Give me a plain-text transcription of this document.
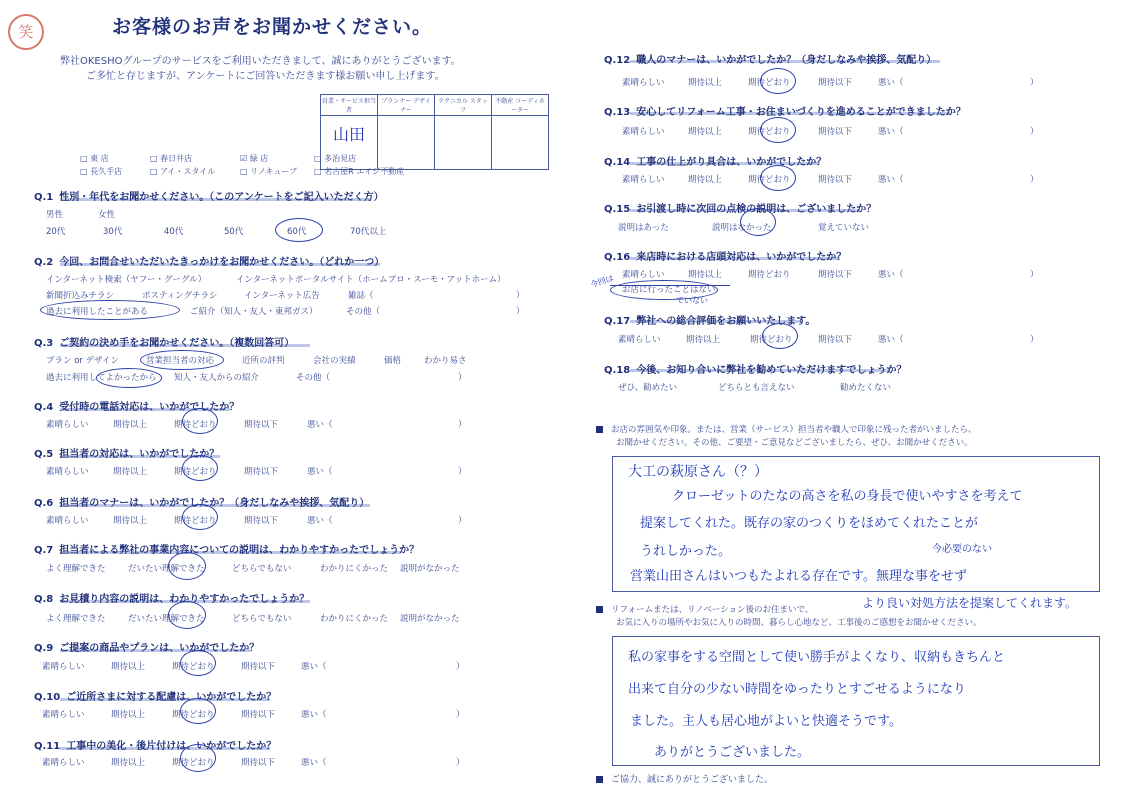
笑	お客様のお声をお聞かせください。
弊社OKESHOグループのサービスをご利用いただきまして、誠にありがとうございます。
ご多忙と存じますが、アンケートにご回答いただきます様お願い申し上げます。
営業・サービス担当者	プランナー デザイナー	テクニカル スタッフ	不動産 コーディネーター
山田			
□ 東 店	□ 春日井店	☑ 緑 店	□ 多治見店
□ 長久手店	□ アイ・スタイル	□ リノキューブ □ 名古屋R エイジ不動産
Q.1 性別・年代をお聞かせください。（このアンケートをご記入いただく方）
男性	女性
20代	30代	40代	50代	60代	70代以上
Q.2 今回、お問合せいただいたきっかけをお聞かせください。（どれか一つ）
インターネット検索（ヤフー・グーグル）	インターネットポータルサイト（ホームプロ・スーモ・アットホーム）
新聞折込みチラシ	ポスティングチラシ	インターネット広告	雑誌（	）
過去に利用したことがある	ご紹介（知人・友人・東邦ガス）	その他（	）
Q.3 ご契約の決め手をお聞かせください。（複数回答可）
プラン or デザイン	営業担当者の対応	近所の評判	会社の実績	価格	わかり易さ
過去に利用してよかったから 知人・友人からの紹介	その他（	）
Q.4 受付時の電話対応は、いかがでしたか？
素晴らしい	期待以上	期待どおり	期待以下	悪い（	）
Q.5 担当者の対応は、いかがでしたか？
素晴らしい	期待以上	期待どおり	期待以下	悪い（	）
Q.6 担当者のマナーは、いかがでしたか？（身だしなみや挨拶、気配り）
素晴らしい	期待以上	期待どおり	期待以下	悪い（	）
Q.7 担当者による弊社の事業内容についての説明は、わかりやすかったでしょうか？
よく理解できた	だいたい理解できた	どちらでもない	わかりにくかった 説明がなかった
Q.8 お見積り内容の説明は、わかりやすかったでしょうか？
よく理解できた	だいたい理解できた	どちらでもない	わかりにくかった 説明がなかった
Q.9 ご提案の商品やプランは、いかがでしたか？
素晴らしい	期待以上	期待どおり	期待以下	悪い（	）
Q.10 ご近所さまに対する配慮は、いかがでしたか？
素晴らしい	期待以上	期待どおり	期待以下	悪い（	）
Q.11 工事中の美化・後片付けは、いかがでしたか？
素晴らしい	期待以上	期待どおり	期待以下	悪い（	）
Q.12 職人のマナーは、いかがでしたか？（身だしなみや挨拶、気配り）
素晴らしい	期待以上	期待どおり	期待以下	悪い（	）
Q.13 安心してリフォーム工事・お住まいづくりを進めることができましたか？
素晴らしい	期待以上	期待どおり	期待以下	悪い（	）
Q.14 工事の仕上がり具合は、いかがでしたか？
素晴らしい	期待以上	期待どおり	期待以下	悪い（	）
Q.15 お引渡し時に次回の点検の説明は、ございましたか？
説明はあった	説明はなかった	覚えていない
Q.16 来店時における店頭対応は、いかがでしたか？
素晴らしい	期待以上	期待どおり	期待以下	悪い（	）
お店に行ったことはない
今回は
ていない
Q.17 弊社への総合評価をお願いいたします。
素晴らしい	期待以上	期待どおり	期待以下	悪い（	）
Q.18 今後、お知り合いに弊社を勧めていただけますでしょうか？
ぜひ、勧めたい	どちらとも言えない	勧めたくない
お店の雰囲気や印象。または、営業（サービス）担当者や職人で印象に残った者がいましたら、
お聞かせください。その他、ご要望・ご意見などございましたら、ぜひ、お聞かせください。
大工の萩原さん（？）
クローゼットのたなの高さを私の身長で使いやすさを考えて
提案してくれた。既存の家のつくりをほめてくれたことが
うれしかった。	今必要のない
営業山田さんはいつもたよれる存在です。無理な事をせず
より良い対処方法を提案してくれます。
リフォームまたは、リノベーション後のお住まいで、
お気に入りの場所やお気に入りの時間、暮らし心地など、工事後のご感想をお聞かせください。
私の家事をする空間として使い勝手がよくなり、収納もきちんと
出来て自分の少ない時間をゆったりとすごせるようになり
ました。主人も居心地がよいと快適そうです。
ありがとうございました。
ご協力、誠にありがとうございました。
